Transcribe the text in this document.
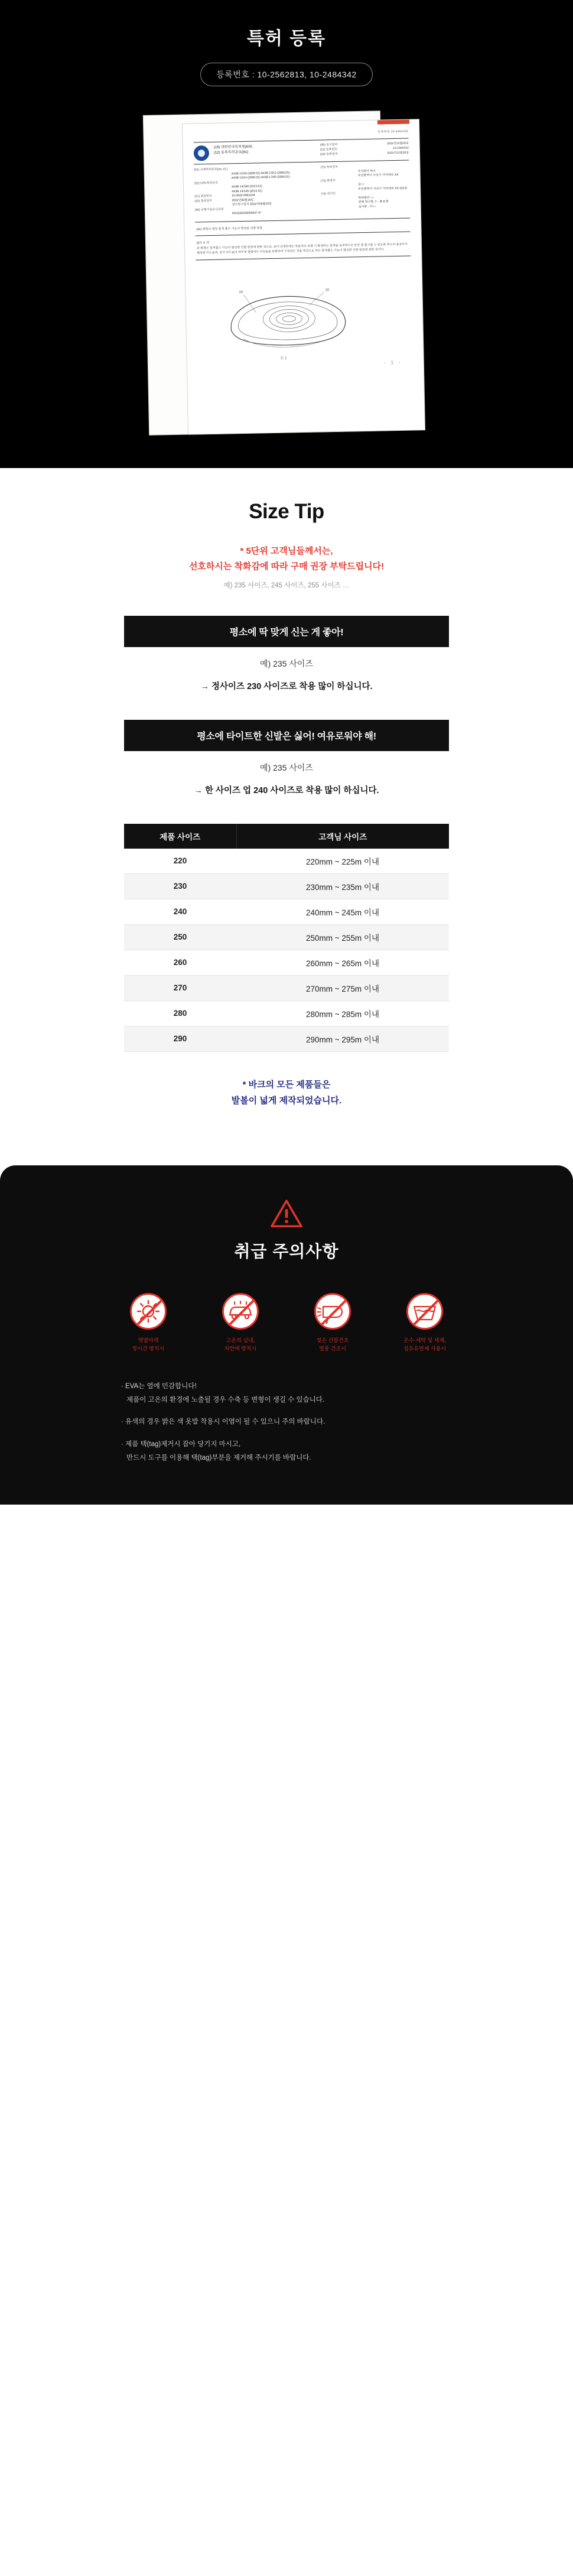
특허 등록
등록번호 : 10-2562813, 10-2484342
등록특허 10-2484342
(19) 대한민국특허청(KR)
(12) 등록특허공보(B1)
(45) 공고일자	2022년12월20일
(11) 등록번호	10-2484342
(24) 등록일자	2022년12월28일
(51) 국제특허분류(Int. Cl.)
A43B 13/18 (2006.01) A43B 13/12 (2006.01)
A43B 13/14 (2006.01) A43B 17/00 (2006.01)
(52) CPC특허분류
A43B 13/186 (2013.01)
A43B 13/125 (2013.01)
(21) 출원번호	10-2022-0061234
(22) 출원일자	2022년05월19일
심사청구일자 2022년05월19일
(56) 선행기술조사문헌
KR1020150054637 A*
(73) 특허권자
주식회사 바크
부산광역시 사상구 가야대로 XX
(72) 발명자
김○○
부산광역시 사상구 가야대로 XX 101동
(74) 대리인
특허법인 ○○
전체 청구항 수 : 총 8 항
심사관 : 이○○
(54) 발명의 명칭 충격 흡수 기능이 향상된 신발 밑창
(57) 요 약
본 발명은 충격흡수 기능이 향상된 신발 밑창에 관한 것으로, 보다 상세하게는 착용자의 보행 시 발생하는 충격을 효과적으로 분산 및 흡수할 수 있도록 복수의 중공부가 형성된 미드솔과, 상기 미드솔의 하부에 결합되는 아웃솔을 포함하여 구성되는 것을 특징으로 하는 충격흡수 기능이 향상된 신발 밑창에 관한 것이다.
10
20
도 1
- 1 -
Size Tip
* 5단위 고객님들께서는,
선호하시는 착화감에 따라 구매 권장 부탁드립니다!
예) 235 사이즈, 245 사이즈, 255 사이즈 …
평소에 딱 맞게 신는 게 좋아!
예) 235 사이즈
→ 정사이즈 230 사이즈로 착용 많이 하십니다.
평소에 타이트한 신발은 싫어! 여유로워야 해!
예) 235 사이즈
→ 한 사이즈 업 240 사이즈로 착용 많이 하십니다.
제품 사이즈	고객님 사이즈
220	220mm ~ 225m 이내
230	230mm ~ 235m 이내
240	240mm ~ 245m 이내
250	250mm ~ 255m 이내
260	260mm ~ 265m 이내
270	270mm ~ 275m 이내
280	280mm ~ 285m 이내
290	290mm ~ 295m 이내
* 바크의 모든 제품들은
발볼이 넓게 제작되었습니다.
취급 주의사항
햇볕아래
장시간 방치시
고온의 실내,
차안에 방치시
젖은 신발건조
열풍 건조시
온수·세탁 및 세제,
섬유유연제 사용시
· EVA는 열에 민감합니다!
제품이 고온의 환경에 노출될 경우 수축 등 변형이 생길 수 있습니다.
· 유색의 경우 밝은 색 옷발 착용시 이염이 될 수 있으니 주의 바랍니다.
· 제품 택(tag)제거시 잡아 당기지 마시고,
반드시 도구를 이용해 택(tag)부분을 제거해 주시기를 바랍니다.
